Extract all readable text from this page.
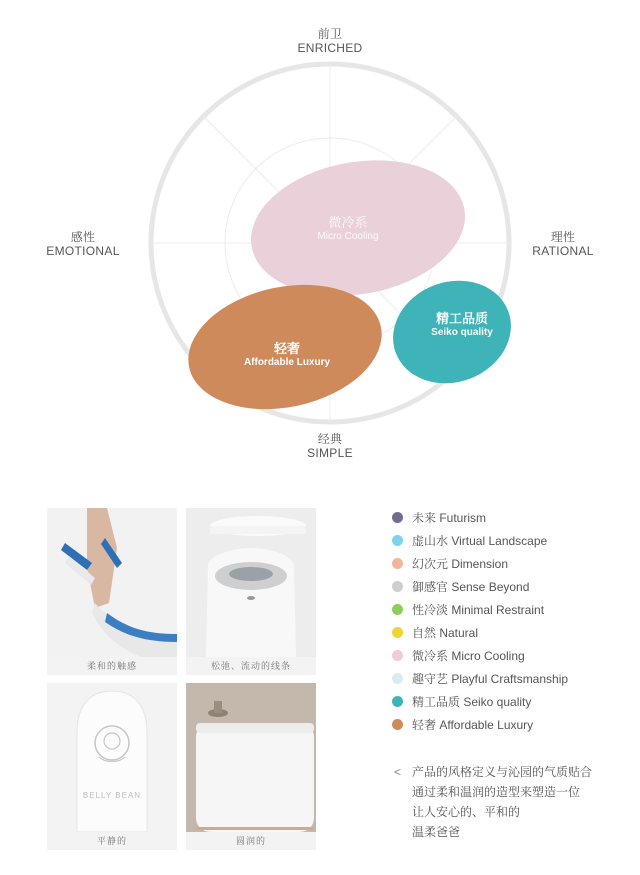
前卫
ENRICHED
经典
SIMPLE
感性
EMOTIONAL
理性
RATIONAL
微冷系
Micro Cooling
轻奢
Affordable Luxury
精工品质
Seiko quality
柔和的触感	松弛、流动的线条
BELLY BEAN
平静的	圆润的
未来 Futurism
虚山水 Virtual Landscape
幻次元 Dimension
御感官 Sense Beyond
性冷淡 Minimal Restraint
自然 Natural
微冷系 Micro Cooling
趣守艺 Playful Craftsmanship
精工品质 Seiko quality
轻奢 Affordable Luxury
< 产品的风格定义与沁园的气质贴合
通过柔和温润的造型来塑造一位
让人安心的、平和的
温柔爸爸
